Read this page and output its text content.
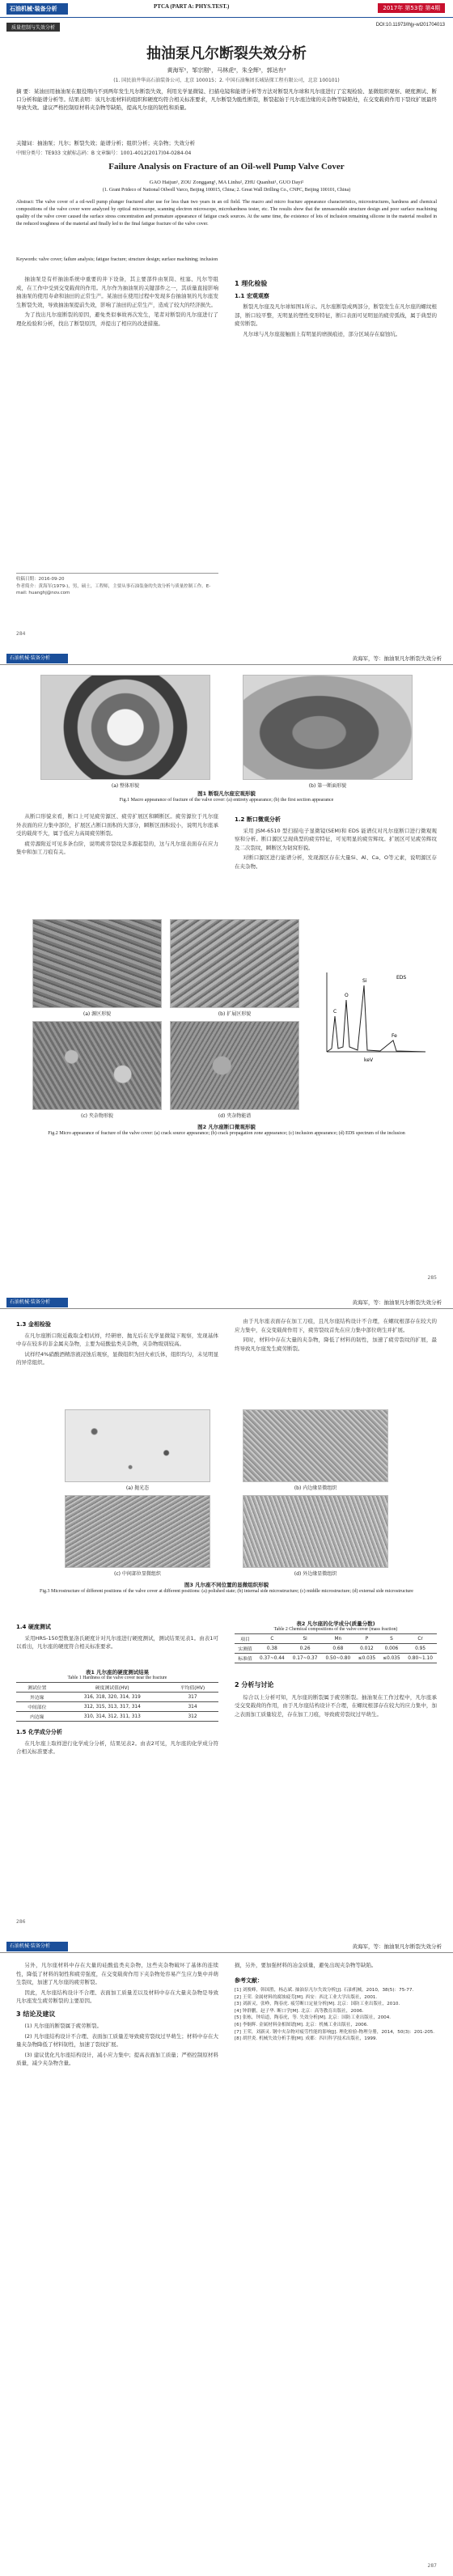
石油机械·装备分析	PTCA (PART A: PHYS.TEST.)	2017年 第53卷 第4期
质量控制与失效分析	DOI:10.11973/lhjy-wl201704013
抽油泵凡尔断裂失效分析
黄海军¹，邹宗刚¹，马林虎²，朱全辉¹，郭达有²
(1. 国民油井华高石油装备公司，北京 100015；2. 中国石油集团长城钻探工程有限公司，北京 100101)
摘 要：某油田用抽油泵在服役期内不到两年发生凡尔断裂失效，利用光学显微镜、扫描电镜和能谱分析等方法对断裂凡尔球和凡尔座进行了宏观检验、显微组织观察、硬度测试、断口分析和能谱分析等。结果表明：该凡尔座材料的组织和硬度均符合相关标准要求，凡尔断裂为脆性断裂，断裂起始于凡尔座边缘的夹杂物等缺陷处，在交变载荷作用下裂纹扩展最终导致失效。建议严格控制原材料夹杂物等缺陷，提高凡尔座的韧性和质量。
关键词：抽油泵；凡尔；断裂失效；能谱分析；组织分析；夹杂物；失效分析
中图分类号：TE933 文献标志码：B 文章编号：1001-4012(2017)04-0284-04
Failure Analysis on Fracture of an Oil-well Pump Valve Cover
GAO Haijun¹, ZOU Zonggang¹, MA Linhu², ZHU Quanhui¹, GUO Dayi²
(1. Grant Prideco of National Oilwell Varco, Beijing 100015, China; 2. Great Wall Drilling Co., CNPC, Beijing 100101, China)
Abstract: The valve cover of a oil-well pump plunger fractured after use for less than two years in an oil field. The macro and micro fracture appearance characteristics, microstructures, hardness and chemical compositions of the valve cover were analyzed by optical microscope, scanning electron microscope, microhardness tester, etc. The results show that the unreasonable structure design and poor surface machining quality of the valve cover caused the surface stress concentration and premature appearance of fatigue crack sources. At the same time, the existence of lots of inclusion remaining silicone in the material resulted in the reduced toughness of the material and finally led to the final fatigue fracture of the valve cover.
Keywords: valve cover; failure analysis; fatigue fracture; structure design; surface machining; inclusion

抽油泵是有杆抽油系统中重要的井下设备，其主要部件由泵筒、柱塞、凡尔等组成，在工作中受到交变载荷的作用。凡尔作为抽油泵的关键部件之一，其质量直接影响抽油泵的使用寿命和油田的正常生产。某油田在使用过程中发现多台抽油泵的凡尔座发生断裂失效，导致抽油泵提前失效，影响了油田的正常生产，造成了较大的经济损失。

为了找出凡尔座断裂的原因，避免类似事故再次发生，笔者对断裂的凡尔座进行了理化检验和分析，找出了断裂原因，并提出了相应的改进措施。

1 理化检验
1.1 宏观观察

断裂凡尔座及凡尔球如图1所示。凡尔座断裂成两部分，断裂发生在凡尔座的螺纹根部，断口较平整，无明显的塑性变形特征，断口表面可见明显的疲劳弧线，属于典型的疲劳断裂。

凡尔球与凡尔座接触面上有明显的磨损痕迹，部分区域存在腐蚀坑。

收稿日期：2016-09-20
作者简介：黄海军(1979-)，男，硕士，工程师，主要从事石油装备的失效分析与质量控制工作。E-mail: huanghj@nov.com
284
石油机械·装备分析	黄海军，等：抽油泵凡尔断裂失效分析
(a) 整体形貌	(b) 第一断面形貌
图1 断裂凡尔座宏观形貌
Fig.1 Macro appearance of fracture of the valve cover: (a) entirety appearance; (b) the first section appearance

从断口形貌来看，断口上可见疲劳源区、疲劳扩展区和瞬断区。疲劳源位于凡尔座外表面的应力集中部位，扩展区占断口面积的大部分，瞬断区面积较小，说明凡尔座承受的载荷不大，属于低应力高周疲劳断裂。

疲劳源附近可见多条台阶，说明疲劳裂纹是多源起裂的，这与凡尔座表面存在应力集中和加工刀痕有关。

1.2 断口微观分析

采用 JSM-6510 型扫描电子显微镜(SEM)和 EDS 能谱仪对凡尔座断口进行微观观察和分析。断口源区呈现典型的疲劳特征，可见明显的疲劳辉纹。扩展区可见疲劳辉纹及二次裂纹，瞬断区为韧窝形貌。

对断口源区进行能谱分析，发现源区存在大量Si、Al、Ca、O等元素，说明源区存在夹杂物。

(a) 源区形貌	(b) 扩展区形貌
(c) 夹杂物形貌	(d) 夹杂物能谱
C
O
Si
Fe
keV
EDS
图2 凡尔座断口微观形貌
Fig.2 Micro appearance of fracture of the valve cover: (a) crack source appearance; (b) crack propagation zone appearance; (c) inclusion appearance; (d) EDS spectrum of the inclusion
285
石油机械·装备分析	黄海军，等：抽油泵凡尔断裂失效分析
1.3 金相检验

在凡尔座断口附近截取金相试样，经研磨、抛光后在光学显微镜下观察，发现基体中存在较多的非金属夹杂物，主要为硅酸盐类夹杂物，夹杂物级别较高。

试样经4%硝酸酒精溶液浸蚀后观察，显微组织为回火索氏体，组织均匀，未见明显的异常组织。

由于凡尔座表面存在加工刀痕，且凡尔座结构设计不合理，在螺纹根部存在较大的应力集中，在交变载荷作用下，疲劳裂纹首先在应力集中部位萌生并扩展。

同时，材料中存在大量的夹杂物，降低了材料的韧性，加速了疲劳裂纹的扩展，最终导致凡尔座发生疲劳断裂。

(a) 抛光态	(b) 内边缘显微组织
(c) 中间部位显微组织	(d) 外边缘显微组织
图3 凡尔座不同位置的显微组织形貌
Fig.3 Microstructure of different positions of the valve cover at different positions: (a) polished state; (b) internal side microstructure; (c) middle microstructure; (d) external side microstructure
1.4 硬度测试

采用HRS-150型数显洛氏硬度计对凡尔座进行硬度测试，测试结果见表1。由表1可以看出，凡尔座的硬度符合相关标准要求。

表1 凡尔座的硬度测试结果
Table 1 Hardness of the valve cover near the fracture
测试位置	硬度测试值(HV)	平均值(HV)
外边缘	316, 318, 320, 314, 319	317
中间部位	312, 315, 313, 317, 314	314
内边缘	310, 314, 312, 311, 313	312
1.5 化学成分分析

在凡尔座上取样进行化学成分分析，结果见表2。由表2可见，凡尔座的化学成分符合相关标准要求。

表2 凡尔座的化学成分(质量分数)
Table 2 Chemical compositions of the valve cover (mass fraction)
项目	C	Si	Mn	P	S	Cr
实测值	0.38	0.26	0.68	0.012	0.006	0.95
标准值	0.37~0.44	0.17~0.37	0.50~0.80	≤0.035	≤0.035	0.80~1.10
2 分析与讨论

综合以上分析可知，凡尔座的断裂属于疲劳断裂。抽油泵在工作过程中，凡尔座承受交变载荷的作用，由于凡尔座结构设计不合理，在螺纹根部存在较大的应力集中，加之表面加工质量较差，存在加工刀痕，导致疲劳裂纹过早萌生。

286
石油机械·装备分析	黄海军，等：抽油泵凡尔断裂失效分析

另外，凡尔座材料中存在大量的硅酸盐类夹杂物，这些夹杂物破坏了基体的连续性，降低了材料的韧性和疲劳强度，在交变载荷作用下夹杂物处容易产生应力集中并萌生裂纹，加速了凡尔座的疲劳断裂。

因此，凡尔座结构设计不合理、表面加工质量差以及材料中存在大量夹杂物是导致凡尔座发生疲劳断裂的主要原因。

3 结论及建议

(1) 凡尔座的断裂属于疲劳断裂。

(2) 凡尔座结构设计不合理、表面加工质量差导致疲劳裂纹过早萌生；材料中存在大量夹杂物降低了材料韧性，加速了裂纹扩展。

(3) 建议优化凡尔座结构设计，减小应力集中；提高表面加工质量；严格控制原材料质量，减少夹杂物含量。

损，另外，要加强材料的冶金质量，避免出现夹杂物等缺陷。

参考文献：
[1] 刘俊峰，韩国胜，杨志斌. 抽油泵凡尔失效分析[J]. 石油机械，2010，38(5)：75-77.
[2] 王荣. 金属材料的腐蚀疲劳[M]. 西安：西北工业大学出版社，2001.
[3] 刘新灵，张峥，陶春虎. 疲劳断口定量分析[M]. 北京：国防工业出版社，2010.
[4] 钟群鹏，赵子华. 断口学[M]. 北京：高等教育出版社，2006.
[5] 张栋，钟培道，陶春虎，等. 失效分析[M]. 北京：国防工业出版社，2004.
[6] 李炯辉. 金属材料金相图谱[M]. 北京：机械工业出版社，2006.
[7] 王荣，刘新灵. 钢中夹杂物对疲劳性能的影响[J]. 理化检验-物理分册，2014，50(3)：201-205.
[8] 胡世炎. 机械失效分析手册[M]. 成都：四川科学技术出版社，1999.
287
